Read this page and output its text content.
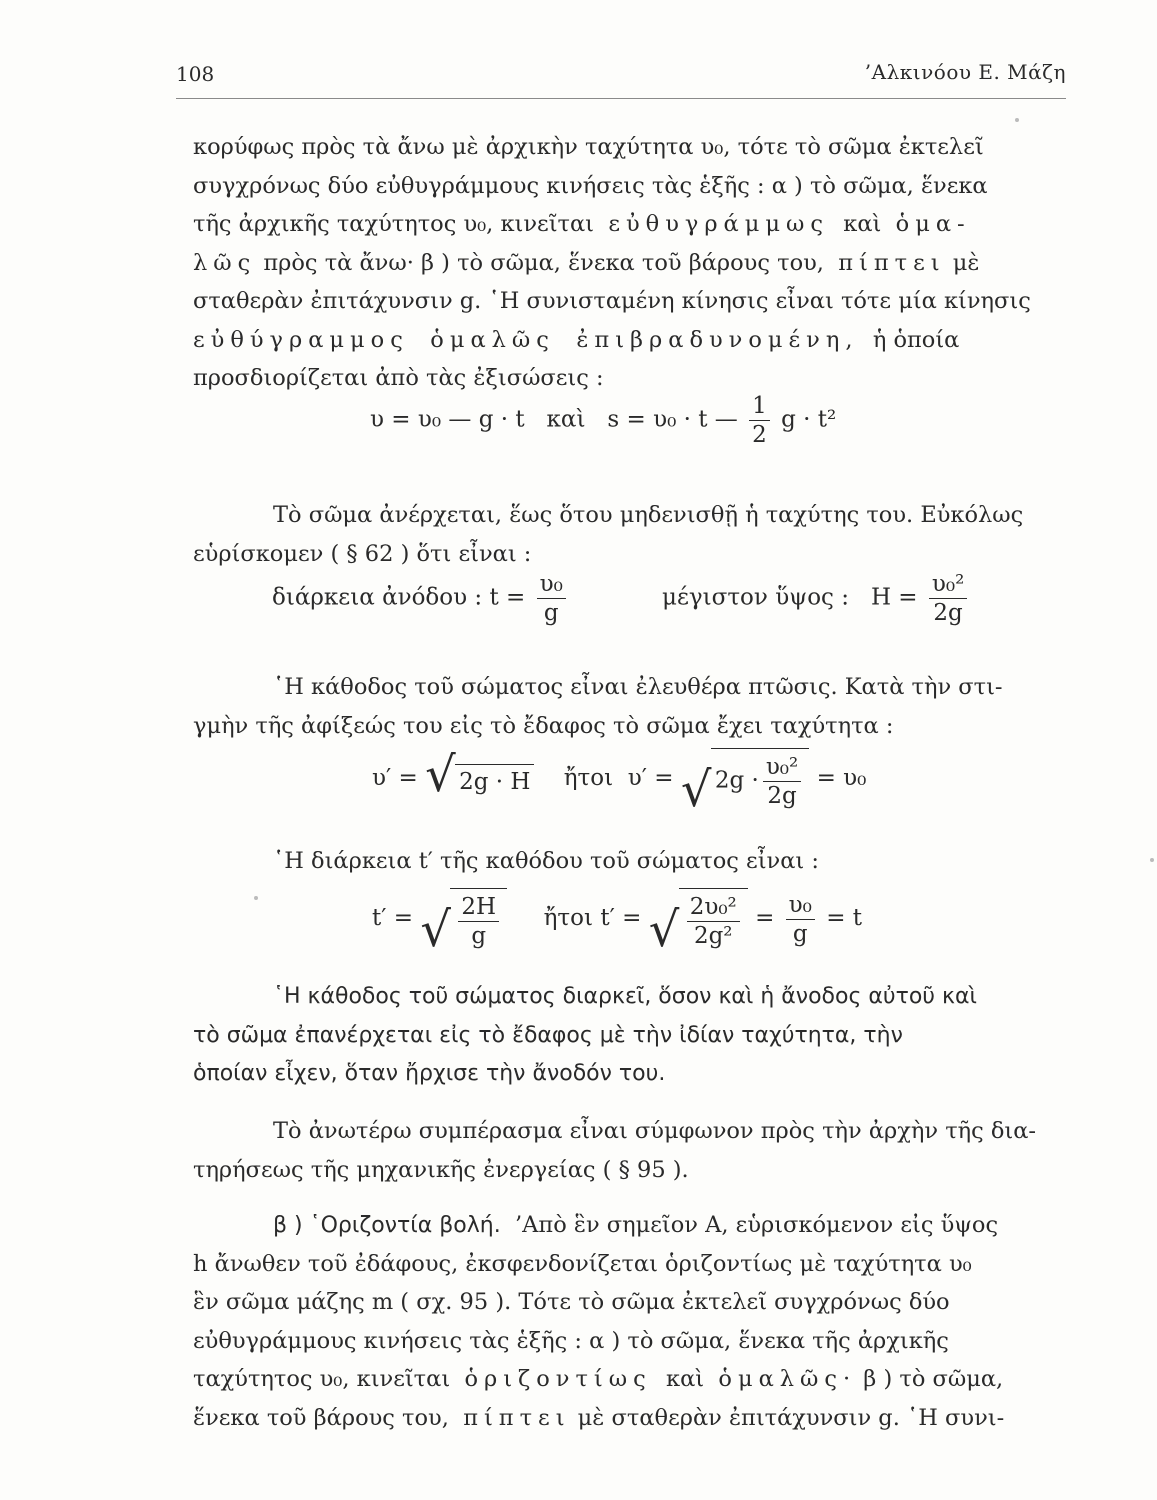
108	’Αλκινόου Ε. Μάζη
κορύφως πρὸς τὰ ἄνω μὲ ἀρχικὴν ταχύτητα υ₀, τότε τὸ σῶμα ἐκτελεῖ
συγχρόνως δύο εὐθυγράμμους κινήσεις τὰς ἑξῆς : α ) τὸ σῶμα, ἕνεκα
τῆς ἀρχικῆς ταχύτητος υ₀, κινεῖται εὐθυγράμμως καὶ ὁμα-
λῶς πρὸς τὰ ἄνω· β ) τὸ σῶμα, ἕνεκα τοῦ βάρους του, πίπτει μὲ
σταθερὰν ἐπιτάχυνσιν g. ῾Η συνισταμένη κίνησις εἶναι τότε μία κίνησις
εὐθύγραμμος ὁμαλῶς ἐπιβραδυνομένη, ἡ ὁποία
προσδιορίζεται ἀπὸ τὰς ἐξισώσεις :
υ = υ₀ — g · t καὶ s = υ₀ · t — $\frac{1}{2}$ g · t²
Τὸ σῶμα ἀνέρχεται, ἕως ὅτου μηδενισθῇ ἡ ταχύτης του. Εὐκόλως
εὑρίσκομεν ( § 62 ) ὅτι εἶναι :
διάρκεια ἀνόδου : $t = \frac{\text{υ₀}}{g}$	μέγιστον ὕψος : $H = \frac{\text{υ₀²}}{2g}$
῾Η κάθοδος τοῦ σώματος εἶναι ἐλευθέρα πτῶσις. Κατὰ τὴν στι-
γμὴν τῆς ἀφίξεώς του εἰς τὸ ἔδαφος τὸ σῶμα ἔχει ταχύτητα :
υ′ = √ 2g · H ἤτοι υ′ = √ $2g \cdot \frac{\text{υ₀²}}{2g} = \upsilon_0$
῾Η διάρκεια t′ τῆς καθόδου τοῦ σώματος εἶναι :
t′ = √ $\frac{2H}{g}$ ἤτοι t′ = √ $\frac{\text{2υ₀²}}{\text{2g²}} = \frac{\text{υ₀}}{g} = t$
῾Η κάθοδος τοῦ σώματος διαρκεῖ, ὅσον καὶ ἡ ἄνοδος αὐτοῦ καὶ
τὸ σῶμα ἐπανέρχεται εἰς τὸ ἔδαφος μὲ τὴν ἰδίαν ταχύτητα, τὴν
ὁποίαν εἶχεν, ὅταν ἤρχισε τὴν ἄνοδόν του.
Τὸ ἀνωτέρω συμπέρασμα εἶναι σύμφωνον πρὸς τὴν ἀρχὴν τῆς δια-
τηρήσεως τῆς μηχανικῆς ἐνεργείας ( § 95 ).
β ) ῾Οριζοντία βολή. ’Απὸ ἓν σημεῖον Α, εὑρισκόμενον εἰς ὕψος
h ἄνωθεν τοῦ ἐδάφους, ἐκσφενδονίζεται ὁριζοντίως μὲ ταχύτητα υ₀
ἓν σῶμα μάζης m ( σχ. 95 ). Τότε τὸ σῶμα ἐκτελεῖ συγχρόνως δύο
εὐθυγράμμους κινήσεις τὰς ἑξῆς : α ) τὸ σῶμα, ἕνεκα τῆς ἀρχικῆς
ταχύτητος υ₀, κινεῖται ὁριζοντίως καὶ ὁμαλῶς· β ) τὸ σῶμα,
ἕνεκα τοῦ βάρους του, πίπτει μὲ σταθερὰν ἐπιτάχυνσιν g. ῾Η συνι-
